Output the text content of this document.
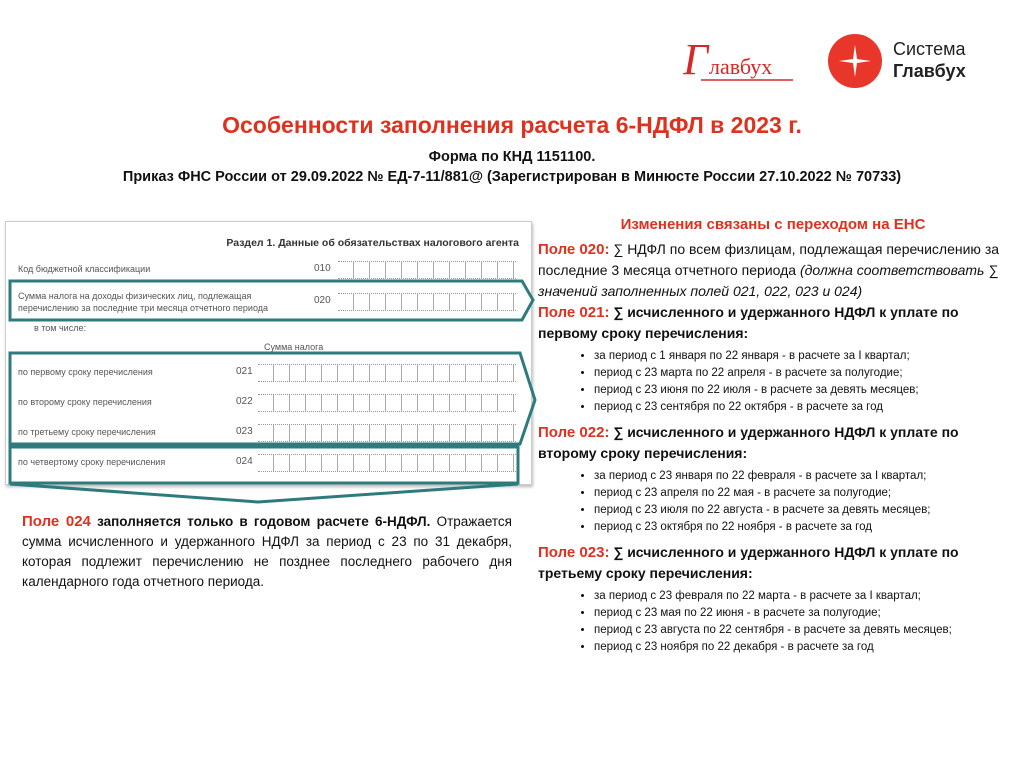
Г лавбух
Система
Главбух
Особенности заполнения расчета 6-НДФЛ в 2023 г.
Форма по КНД 1151100.
Приказ ФНС России от 29.09.2022 № ЕД-7-11/881@ (Зарегистрирован в Минюсте России 27.10.2022 № 70733)
Раздел 1. Данные об обязательствах налогового агента
Код бюджетной классификации	010
Сумма налога на доходы физических лиц, подлежащая перечислению за последние три месяца отчетного периода
020
в том числе:
Сумма налога
по первому сроку перечисления	021
по второму сроку перечисления	022
по третьему сроку перечисления	023
по четвертому сроку перечисления	024
Поле 024 заполняется только в годовом расчете 6-НДФЛ. Отражается сумма исчисленного и удержанного НДФЛ за период с 23 по 31 декабря, которая подлежит перечислению не позднее последнего рабочего дня календарного года отчетного периода.
Изменения связаны с переходом на ЕНС
Поле 020: ∑ НДФЛ по всем физлицам, подлежащая перечислению за последние 3 месяца отчетного периода (должна соответствовать ∑ значений заполненных полей 021, 022, 023 и 024)
Поле 021: ∑ исчисленного и удержанного НДФЛ к уплате по первому сроку перечисления:
• за период с 1 января по 22 января - в расчете за I квартал;
• период с 23 марта по 22 апреля - в расчете за полугодие;
• период с 23 июня по 22 июля - в расчете за девять месяцев;
• период с 23 сентября по 22 октября - в расчете за год
Поле 022: ∑ исчисленного и удержанного НДФЛ к уплате по второму сроку перечисления:
• за период с 23 января по 22 февраля - в расчете за I квартал;
• период с 23 апреля по 22 мая - в расчете за полугодие;
• период с 23 июля по 22 августа - в расчете за девять месяцев;
• период с 23 октября по 22 ноября - в расчете за год
Поле 023: ∑ исчисленного и удержанного НДФЛ к уплате по третьему сроку перечисления:
• за период с 23 февраля по 22 марта - в расчете за I квартал;
• период с 23 мая по 22 июня - в расчете за полугодие;
• период с 23 августа по 22 сентября - в расчете за девять месяцев;
• период с 23 ноября по 22 декабря - в расчете за год
